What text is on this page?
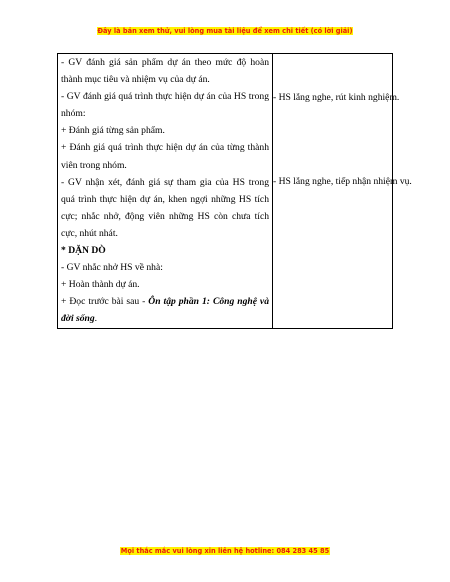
Đây là bản xem thử, vui lòng mua tài liệu để xem chi tiết (có lời giải)
- GV đánh giá sản phẩm dự án theo mức độ hoàn thành mục tiêu và nhiệm vụ của dự án.
- GV đánh giá quá trình thực hiện dự án của HS trong nhóm:
+ Đánh giá từng sản phẩm.
+ Đánh giá quá trình thực hiện dự án của từng thành viên trong nhóm.
- GV nhận xét, đánh giá sự tham gia của HS trong quá trình thực hiện dự án, khen ngợi những HS tích cực; nhắc nhở, động viên những HS còn chưa tích cực, nhút nhát.
* DẶN DÒ
- GV nhắc nhở HS về nhà:
+ Hoàn thành dự án.
+ Đọc trước bài sau - Ôn tập phần 1: Công nghệ và đời sống.

- HS lắng nghe, rút kinh nghiệm.
- HS lắng nghe, tiếp nhận nhiệm vụ.
Mọi thắc mắc vui lòng xin liên hệ hotline: 084 283 45 85
